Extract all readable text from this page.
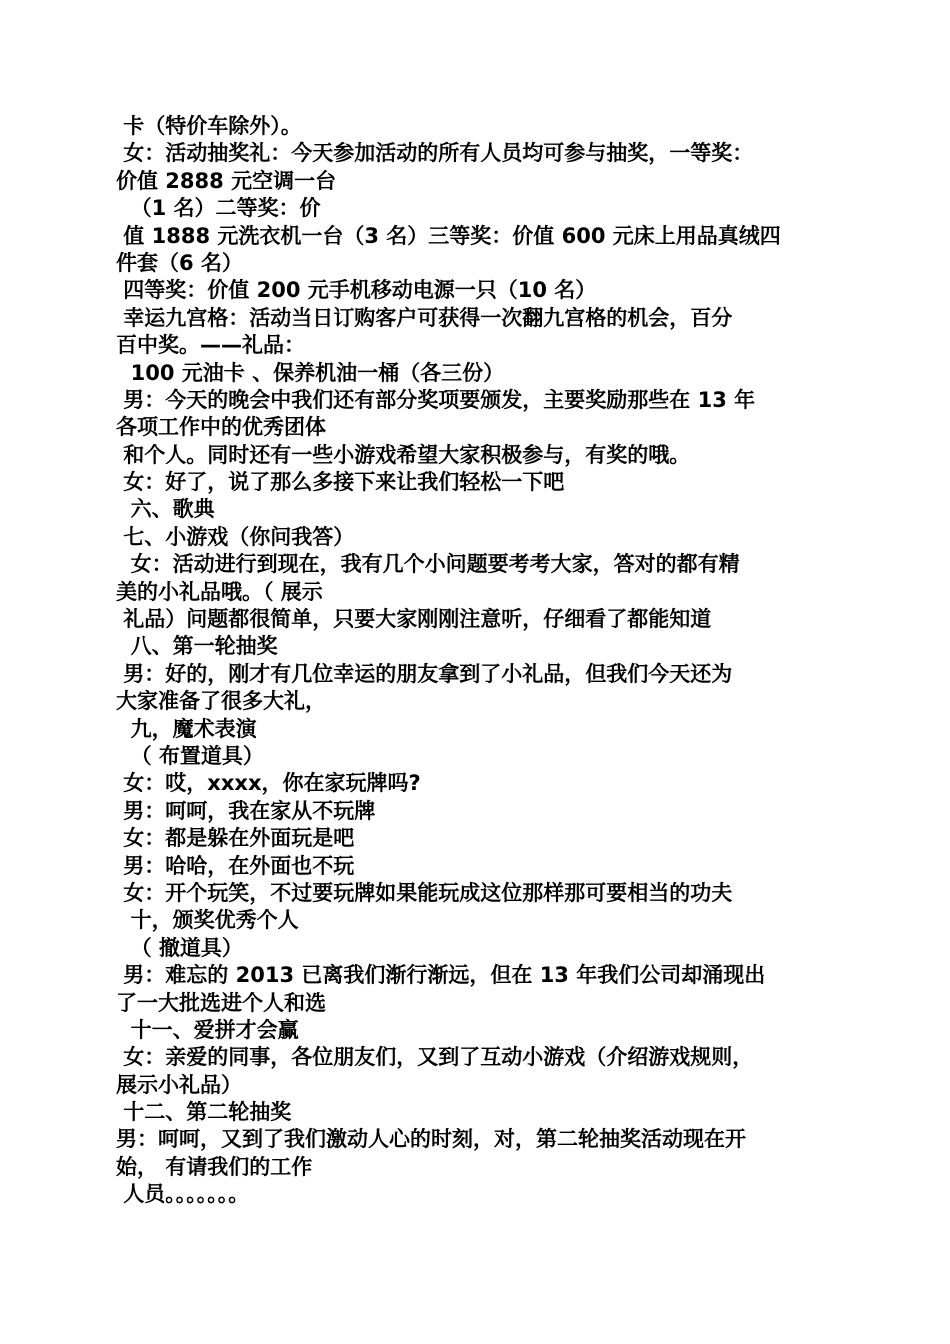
卡（特价车除外）。
女：活动抽奖礼：今天参加活动的所有人员均可参与抽奖，一等奖：
价值 2888 元空调一台
（1 名）二等奖：价
值 1888 元洗衣机一台（3 名）三等奖：价值 600 元床上用品真绒四
件套（6 名）
四等奖：价值 200 元手机移动电源一只（10 名）
幸运九宫格：活动当日订购客户可获得一次翻九宫格的机会，百分
百中奖。——礼品：
100 元油卡 、保养机油一桶（各三份）
男：今天的晚会中我们还有部分奖项要颁发，主要奖励那些在 13 年
各项工作中的优秀团体
和个人。同时还有一些小游戏希望大家积极参与，有奖的哦。
女：好了，说了那么多接下来让我们轻松一下吧
六、歌典
七、小游戏（你问我答）
女：活动进行到现在，我有几个小问题要考考大家，答对的都有精
美的小礼品哦。（ 展示
礼品）问题都很简单，只要大家刚刚注意听，仔细看了都能知道
八、第一轮抽奖
男：好的，刚才有几位幸运的朋友拿到了小礼品，但我们今天还为
大家准备了很多大礼，
九，魔术表演
（ 布置道具）
女：哎，xxxx，你在家玩牌吗?
男：呵呵，我在家从不玩牌
女：都是躲在外面玩是吧
男：哈哈，在外面也不玩
女：开个玩笑，不过要玩牌如果能玩成这位那样那可要相当的功夫
十，颁奖优秀个人
（ 撤道具）
男：难忘的 2013 已离我们渐行渐远，但在 13 年我们公司却涌现出
了一大批选进个人和选
十一、爱拼才会赢
女：亲爱的同事，各位朋友们，又到了互动小游戏（介绍游戏规则，
展示小礼品）
十二、第二轮抽奖
男：呵呵，又到了我们激动人心的时刻，对，第二轮抽奖活动现在开
始， 有请我们的工作
人员。。。。。。。
